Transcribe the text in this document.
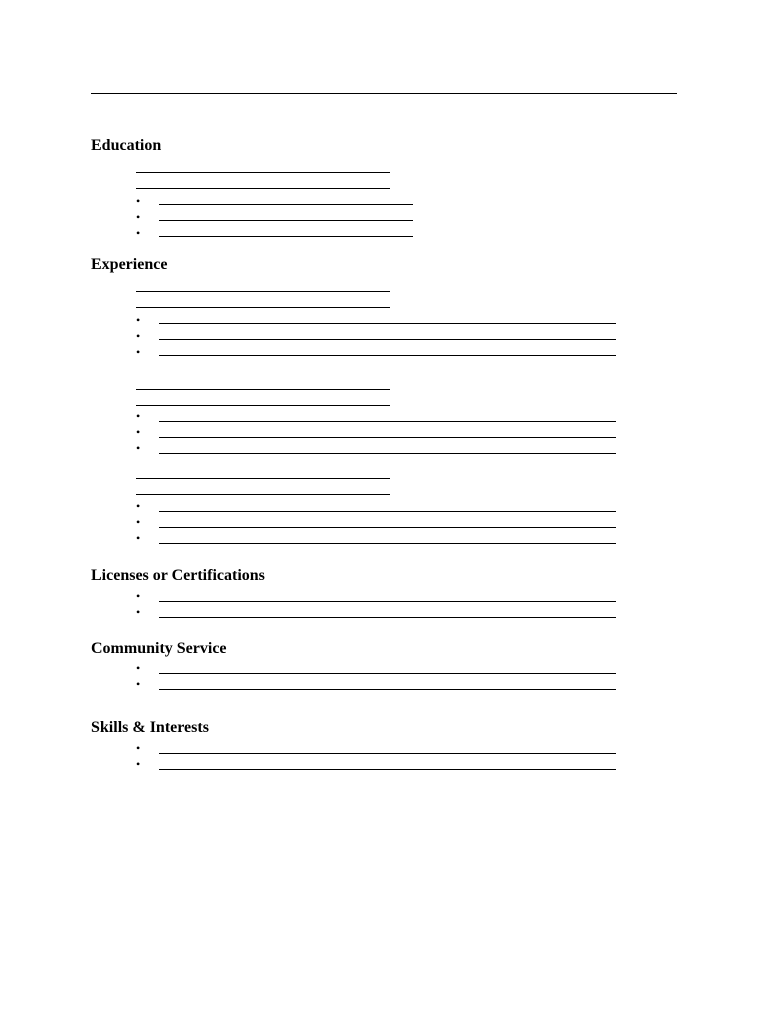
Education
•
•
•
Experience
•
•
•
•
•
•
•
•
•
Licenses or Certifications
•
•
Community Service
•
•
Skills & Interests
•
•
